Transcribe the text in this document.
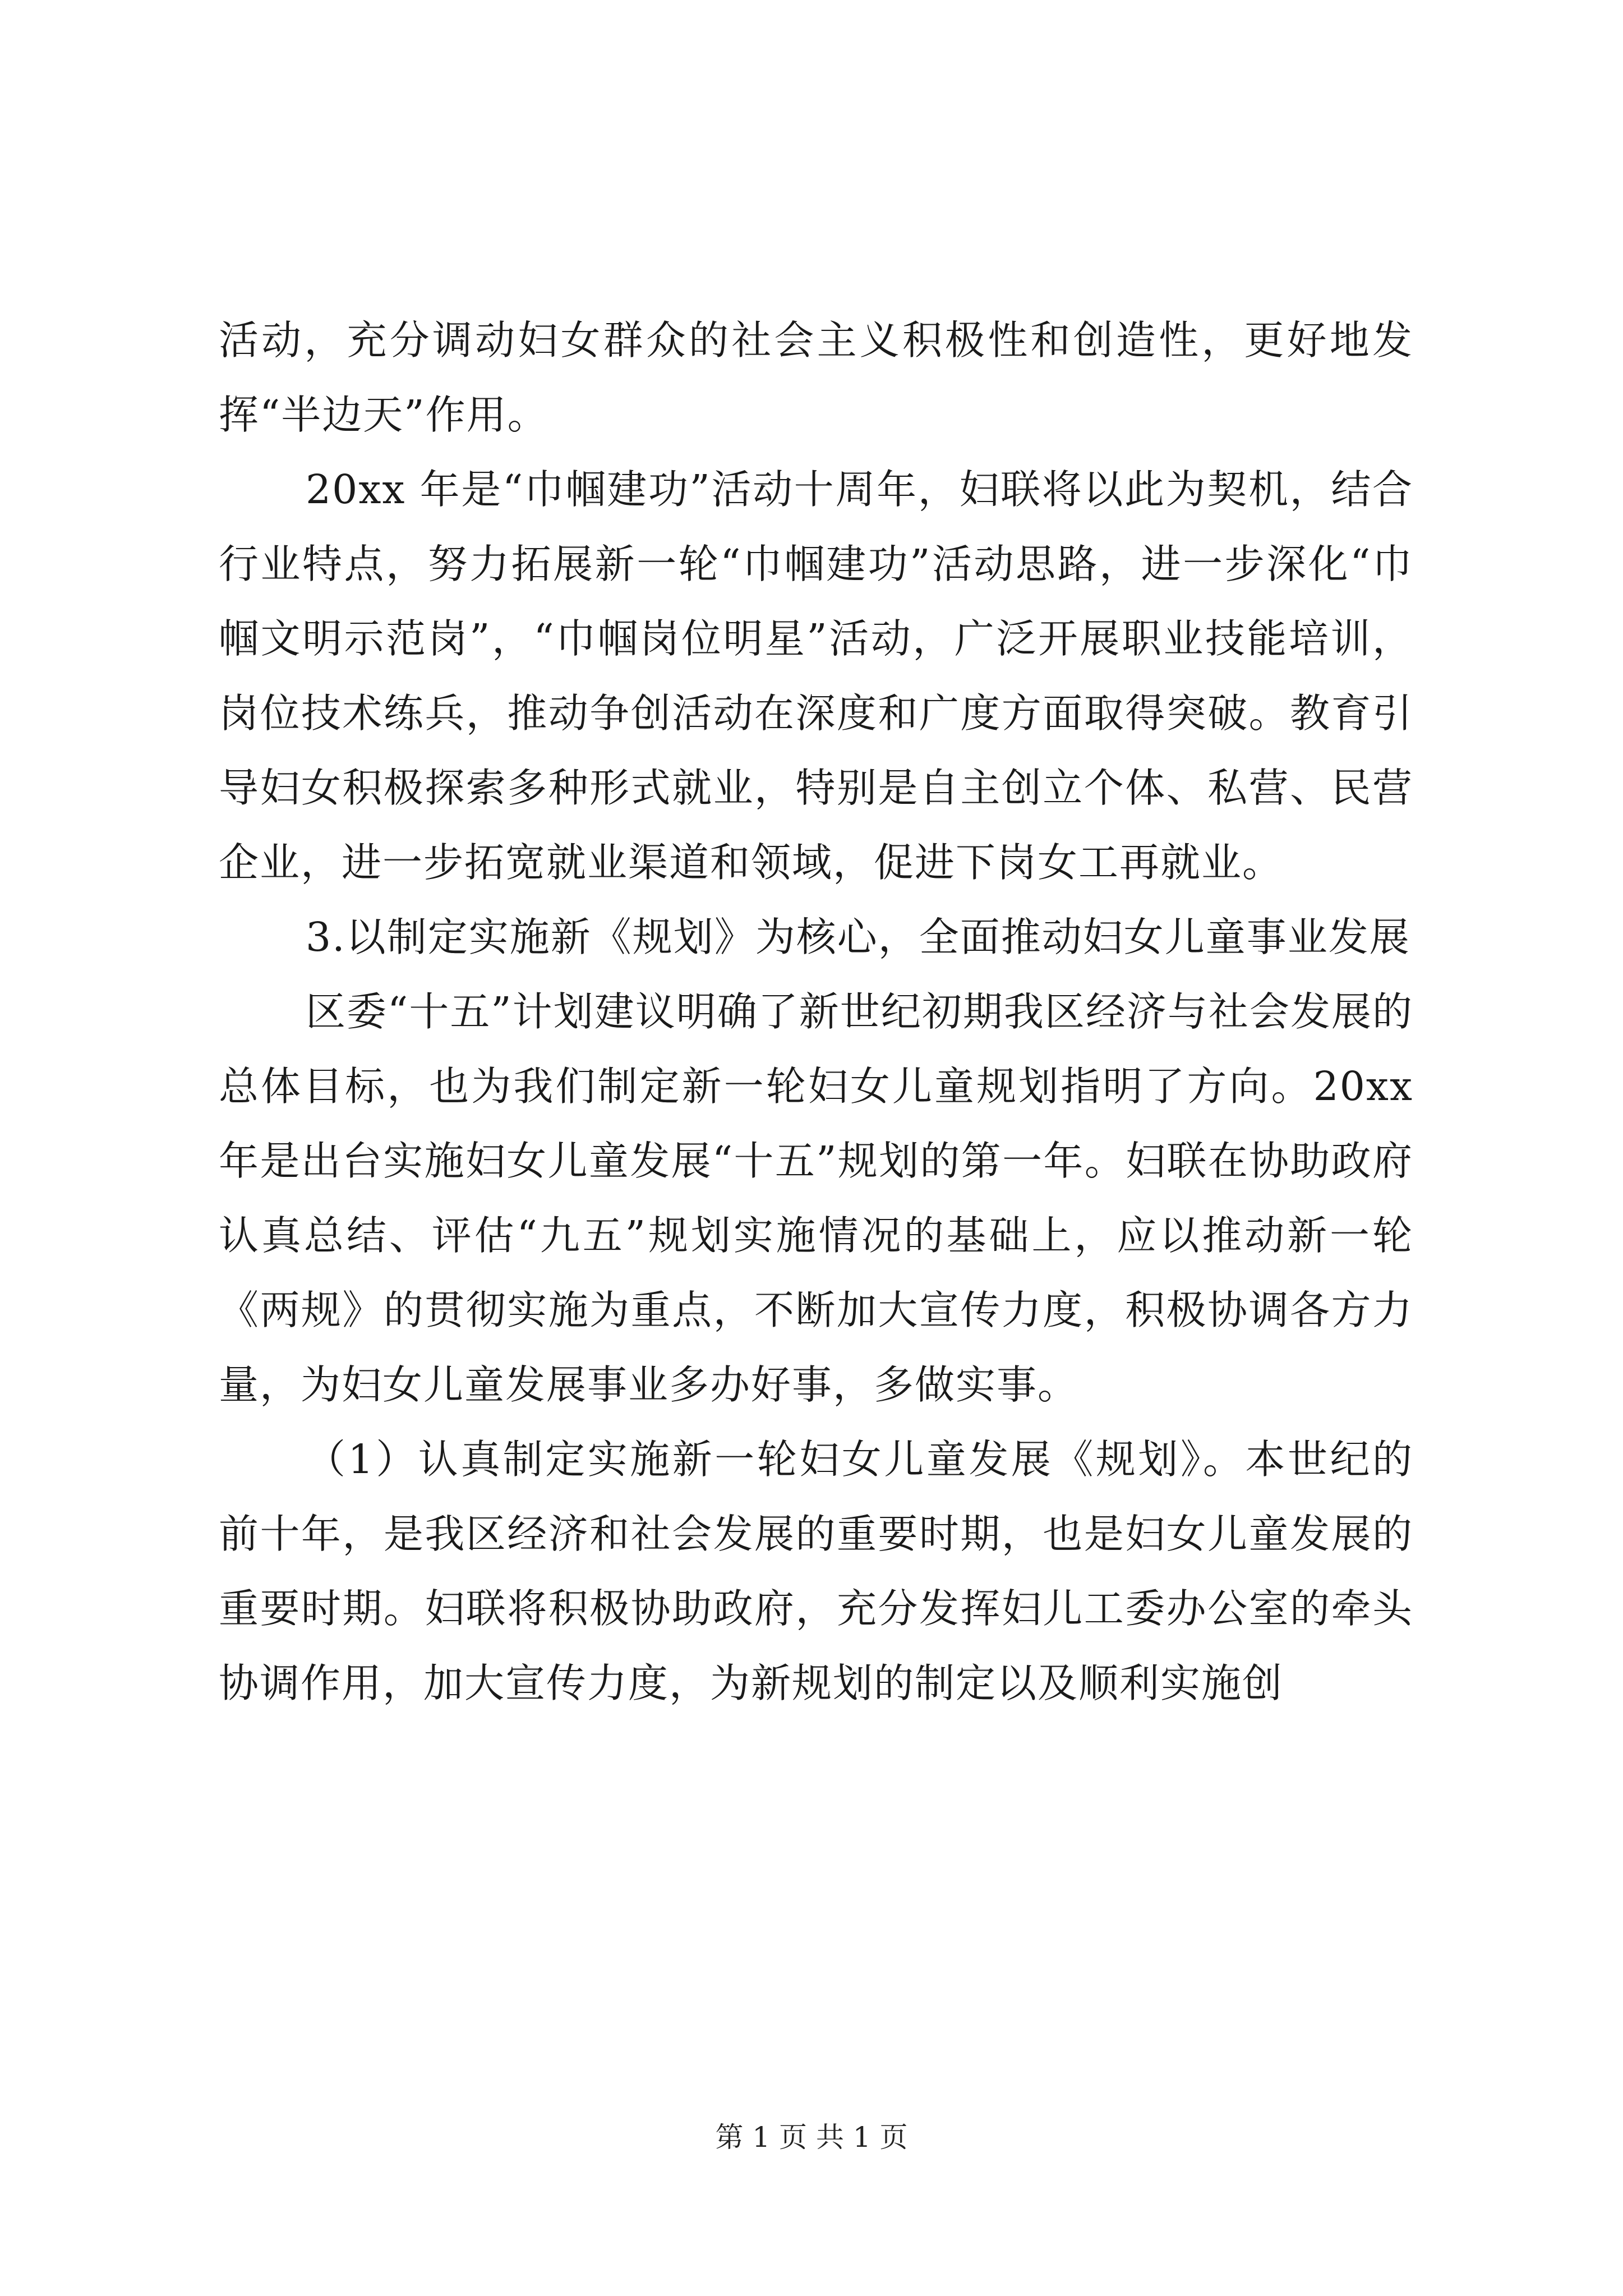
活动，充分调动妇女群众的社会主义积极性和创造性，更好地发挥“半边天”作用。

20xx 年是“巾帼建功”活动十周年，妇联将以此为契机，结合行业特点，努力拓展新一轮“巾帼建功”活动思路，进一步深化“巾帼文明示范岗”，“巾帼岗位明星”活动，广泛开展职业技能培训，岗位技术练兵，推动争创活动在深度和广度方面取得突破。教育引导妇女积极探索多种形式就业，特别是自主创立个体、私营、民营企业，进一步拓宽就业渠道和领域，促进下岗女工再就业。

3.以制定实施新《规划》为核心，全面推动妇女儿童事业发展

区委“十五”计划建议明确了新世纪初期我区经济与社会发展的总体目标，也为我们制定新一轮妇女儿童规划指明了方向。20xx 年是出台实施妇女儿童发展“十五”规划的第一年。妇联在协助政府认真总结、评估“九五”规划实施情况的基础上，应以推动新一轮《两规》的贯彻实施为重点，不断加大宣传力度，积极协调各方力量，为妇女儿童发展事业多办好事，多做实事。

（1）认真制定实施新一轮妇女儿童发展《规划》。本世纪的前十年，是我区经济和社会发展的重要时期，也是妇女儿童发展的重要时期。妇联将积极协助政府，充分发挥妇儿工委办公室的牵头协调作用，加大宣传力度，为新规划的制定以及顺利实施创

第 1 页 共 1 页
